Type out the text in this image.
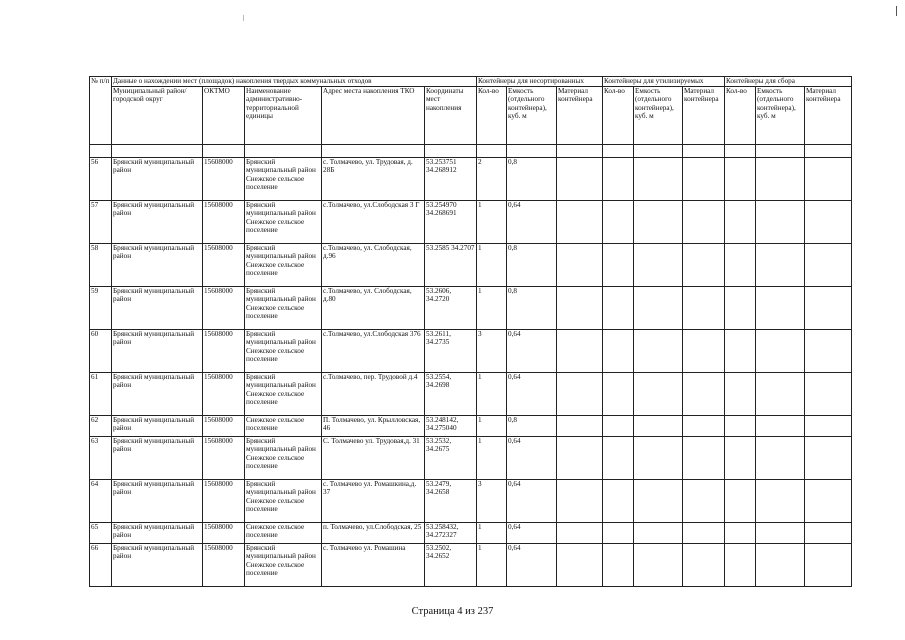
№ п/п	Данные о нахождении мест (площадок) накопления твердых коммунальных отходов					Контейнеры для несортированных			Контейнеры для утилизируемых			Контейнеры для сбора		
	Муниципальный район/городской округ	ОКТМО	Наименование административно-территориальной единицы	Адрес места накопления ТКО	Координаты мест накопления	Кол-во	Емкость (отдельного контейнера), куб. м	Материал контейнера	Кол-во	Емкость (отдельного контейнера), куб. м	Материал контейнера	Кол-во	Емкость (отдельного контейнера), куб. м	Материал контейнера

56	Брянский муниципальный район	15608000	Брянский муниципальный район Снежское сельское поселение	с. Толмачево, ул. Трудовая, д. 28Б	53.253751 34.268912	2	0,8							
57	Брянский муниципальный район	15608000	Брянский муниципальный район Снежское сельское поселение	с.Толмачево, ул.Слободская 3 Г	53.254970 34.268691	1	0,64							
58	Брянский муниципальный район	15608000	Брянский муниципальный район Снежское сельское поселение	с.Толмачево, ул. Слободская, д.96	53.2585 34.2707	1	0,8							
59	Брянский муниципальный район	15608000	Брянский муниципальный район Снежское сельское поселение	с.Толмачево, ул. Слободская, д.80	53.2606, 34.2720	1	0,8							
60	Брянский муниципальный район	15608000	Брянский муниципальный район Снежское сельское поселение	с.Толмачево, ул.Слободская 376	53.2611, 34.2735	3	0,64							
61	Брянский муниципальный район	15608000	Брянский муниципальный район Снежское сельское поселение	с.Толмачево, пер. Трудовой д.4	53.2554, 34.2698	1	0,64							
62	Брянский муниципальный район	15608000	Снежское сельское поселение	П. Толмачево, ул. Крылловская, 46	53.248142, 34.275040	1	0,8							
63	Брянский муниципальный район	15608000	Брянский муниципальный район Снежское сельское поселение	С. Толмачево ул. Трудовая,д. 31	53.2532, 34.2675	1	0,64							
64	Брянский муниципальный район	15608000	Брянский муниципальный район Снежское сельское поселение	с. Толмачево ул. Ромашкина,д. 37	53.2479, 34.2658	3	0,64							
65	Брянский муниципальный район	15608000	Снежское сельское поселение	п. Толмачево, ул.Слободская, 25	53.258432, 34.272327	1	0,64							
66	Брянский муниципальный район	15608000	Брянский муниципальный район Снежское сельское поселение	с. Толмачево ул. Ромашина	53.2502, 34.2652	1	0,64							
Страница 4 из 237
